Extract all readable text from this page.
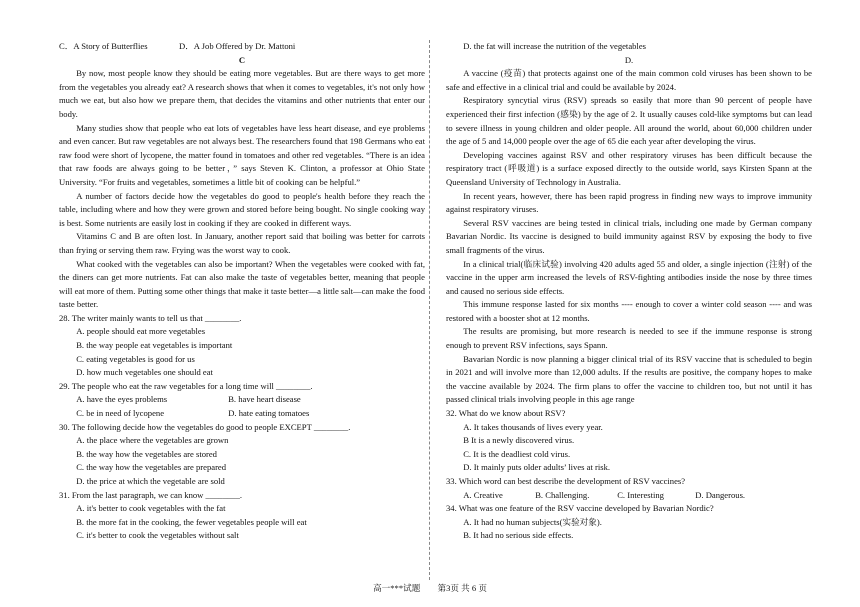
C．A Story of Butterflies	D．A Job Offered by Dr. Mattoni

C

By now, most people know they should be eating more vegetables. But are there ways to get more from the vegetables you already eat? A research shows that when it comes to vegetables, it's not only how much we eat, but also how we prepare them, that decides the vitamins and other nutrients that enter our body.

Many studies show that people who eat lots of vegetables have less heart disease, and eye problems and even cancer. But raw vegetables are not always best. The researchers found that 198 Germans who eat raw food were short of lycopene, the matter found in tomatoes and other red vegetables. “There is an idea that raw foods are always going to be better，” says Steven K. Clinton, a professor at Ohio State University. “For fruits and vegetables, sometimes a little bit of cooking can be helpful.”

A number of factors decide how the vegetables do good to people's health before they reach the table, including where and how they were grown and stored before being bought. No single cooking way is best. Some nutrients are easily lost in cooking if they are cooked in different ways.

Vitamins C and B are often lost. In January, another report said that boiling was better for carrots than frying or serving them raw. Frying was the worst way to cook.

What cooked with the vegetables can also be important? When the vegetables were cooked with fat, the diners can get more nutrients. Fat can also make the taste of vegetables better, meaning that people will eat more of them. Putting some other things that make it taste better—a little salt—can make the food taste better.

28. The writer mainly wants to tell us that ________.

A. people should eat more vegetables

B. the way people eat vegetables is important

C. eating vegetables is good for us

D. how much vegetables one should eat

29. The people who eat the raw vegetables for a long time will ________.

A. have the eyes problems	B. have heart disease
C. be in need of lycopene	D. hate eating tomatoes

30. The following decide how the vegetables do good to people EXCEPT ________.

A. the place where the vegetables are grown

B. the way how the vegetables are stored

C. the way how the vegetables are prepared

D. the price at which the vegetable are sold

31. From the last paragraph, we can know ________.

A. it's better to cook vegetables with the fat

B. the more fat in the cooking, the fewer vegetables people will eat

C. it's better to cook the vegetables without salt

D. the fat will increase the nutrition of the vegetables

D.

A vaccine (疫苗) that protects against one of the main common cold viruses has been shown to be safe and effective in a clinical trial and could be available by 2024.

Respiratory syncytial virus (RSV) spreads so easily that more than 90 percent of people have experienced their first infection (感染) by the age of 2. It usually causes cold-like symptoms but can lead to severe illness in young children and older people. All around the world, about 60,000 children under the age of 5 and 14,000 people over the age of 65 die each year after developing the virus.

Developing vaccines against RSV and other respiratory viruses has been difficult because the respiratory tract (呼吸道) is a surface exposed directly to the outside world, says Kirsten Spann at the Queensland University of Technology in Australia.

In recent years, however, there has been rapid progress in finding new ways to improve immunity against respiratory viruses.

Several RSV vaccines are being tested in clinical trials, including one made by German company Bavarian Nordic. Its vaccine is designed to build immunity against RSV by exposing the body to five small fragments of the virus.

In a clinical trial(临床试验) involving 420 adults aged 55 and older, a single injection (注射) of the vaccine in the upper arm increased the levels of RSV-fighting antibodies inside the nose by three times and caused no serious side effects.

This immune response lasted for six months ---- enough to cover a winter cold season ---- and was restored with a booster shot at 12 months.

The results are promising, but more research is needed to see if the immune response is strong enough to prevent RSV infections, says Spann.

Bavarian Nordic is now planning a bigger clinical trial of its RSV vaccine that is scheduled to begin in 2021 and will involve more than 12,000 adults. If the results are positive, the company hopes to make the vaccine available by 2024. The firm plans to offer the vaccine to children too, but not until it has passed clinical trials involving people in this age range

32. What do we know about RSV?

A. It takes thousands of lives every year.

B It is a newly discovered virus.

C. It is the deadliest cold virus.

D. It mainly puts older adults’ lives at risk.

33. Which word can best describe the development of RSV vaccines?

A. Creative	B. Challenging.	C. Interesting	D. Dangerous.

34. What was one feature of the RSV vaccine developed by Bavarian Nordic?

A. It had no human subjects(实验对象).

B. It had no serious side effects.

高一***试题　　第3页 共 6 页
